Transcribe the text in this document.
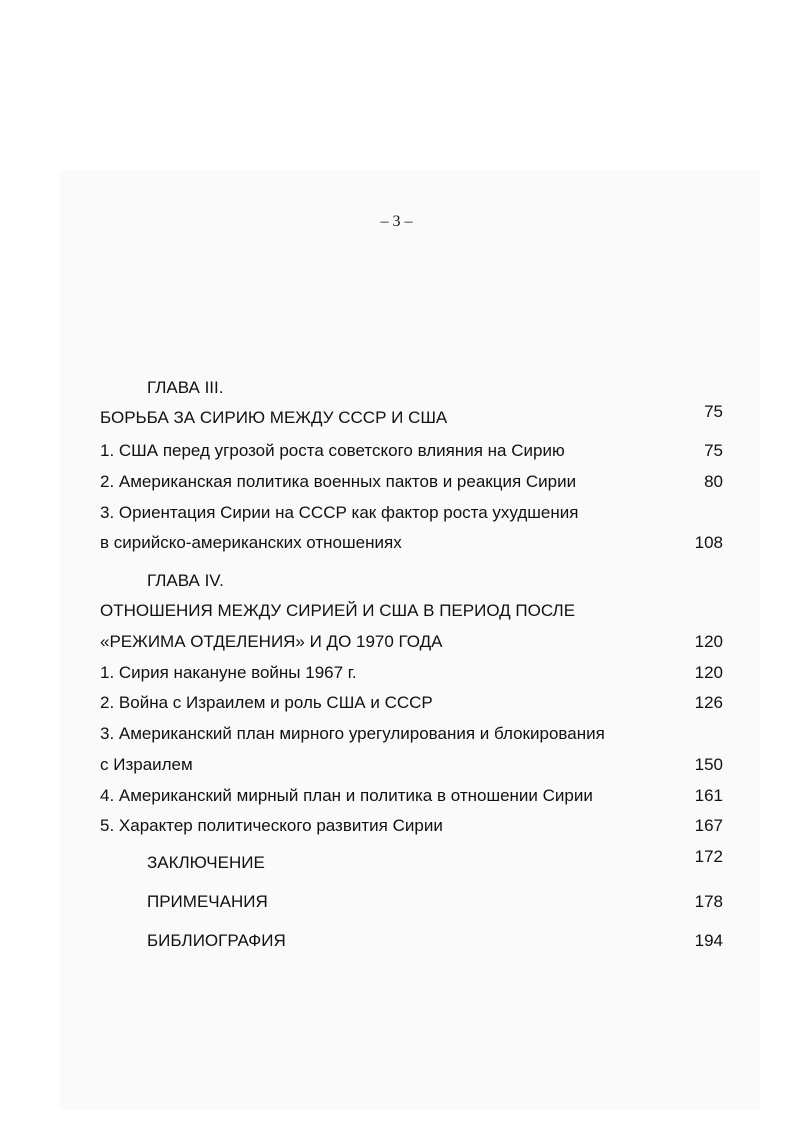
– 3 –
ГЛАВА III.
БОРЬБА ЗА СИРИЮ МЕЖДУ СССР И США	75
1. США перед угрозой роста советского влияния на Сирию	75
2. Американская политика военных пактов и реакция Сирии	80
3. Ориентация Сирии на СССР как фактор роста ухудшения
в сирийско-американских отношениях	108
ГЛАВА IV.
ОТНОШЕНИЯ МЕЖДУ СИРИЕЙ И США В ПЕРИОД ПОСЛЕ
«РЕЖИМА ОТДЕЛЕНИЯ» И ДО 1970 ГОДА	120
1. Сирия накануне войны 1967 г.	120
2. Война с Израилем и роль США и СССР	126
3. Американский план мирного урегулирования и блокирования
с Израилем	150
4. Американский мирный план и политика в отношении Сирии	161
5. Характер политического развития Сирии	167
ЗАКЛЮЧЕНИЕ	172
ПРИМЕЧАНИЯ	178
БИБЛИОГРАФИЯ	194
